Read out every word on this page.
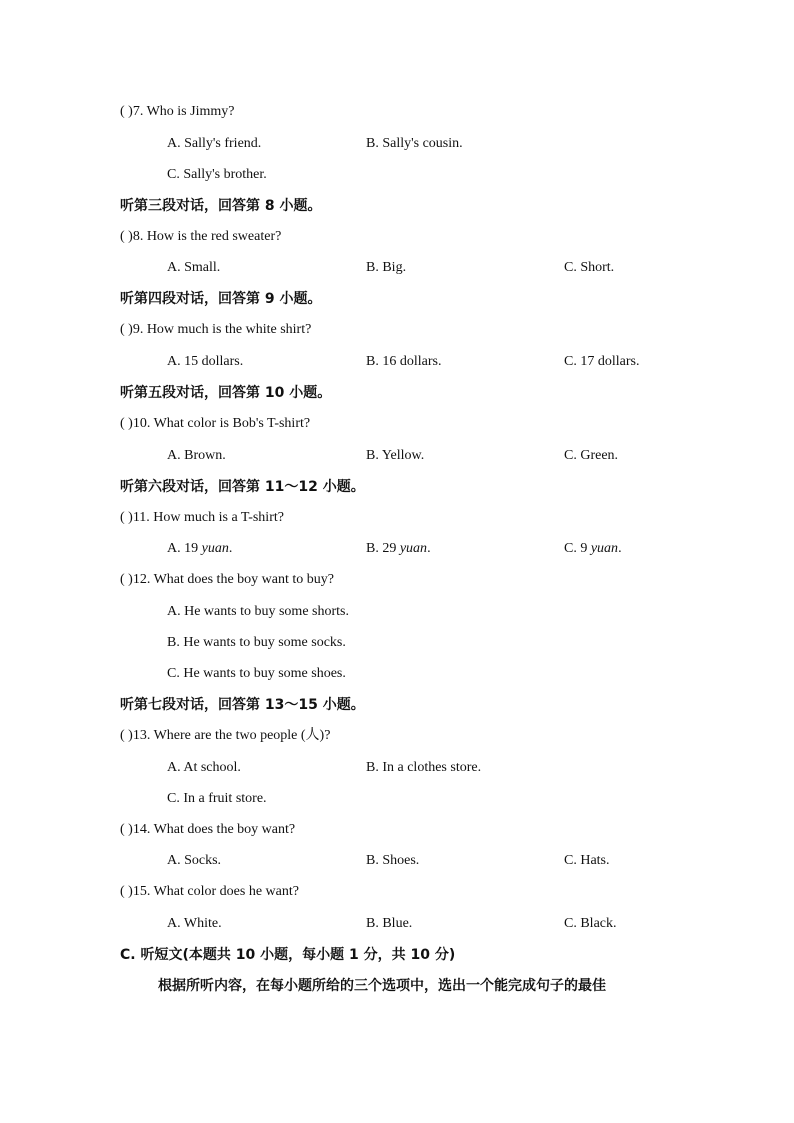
( )7. Who is Jimmy?
A. Sally's friend.	B. Sally's cousin.
C. Sally's brother.
听第三段对话，回答第 8 小题。
( )8. How is the red sweater?
A. Small.	B. Big.	C. Short.
听第四段对话，回答第 9 小题。
( )9. How much is the white shirt?
A. 15 dollars.	B. 16 dollars.	C. 17 dollars.
听第五段对话，回答第 10 小题。
( )10. What color is Bob's T-shirt?
A. Brown.	B. Yellow.	C. Green.
听第六段对话，回答第 11～12 小题。
( )11. How much is a T-shirt?
A. 19 yuan.	B. 29 yuan.	C. 9 yuan.
( )12. What does the boy want to buy?
A. He wants to buy some shorts.
B. He wants to buy some socks.
C. He wants to buy some shoes.
听第七段对话，回答第 13～15 小题。
( )13. Where are the two people (人)?
A. At school.	B. In a clothes store.
C. In a fruit store.
( )14. What does the boy want?
A. Socks.	B. Shoes.	C. Hats.
( )15. What color does he want?
A. White.	B. Blue.	C. Black.
C. 听短文(本题共 10 小题，每小题 1 分，共 10 分)
根据所听内容，在每小题所给的三个选项中，选出一个能完成句子的最佳
